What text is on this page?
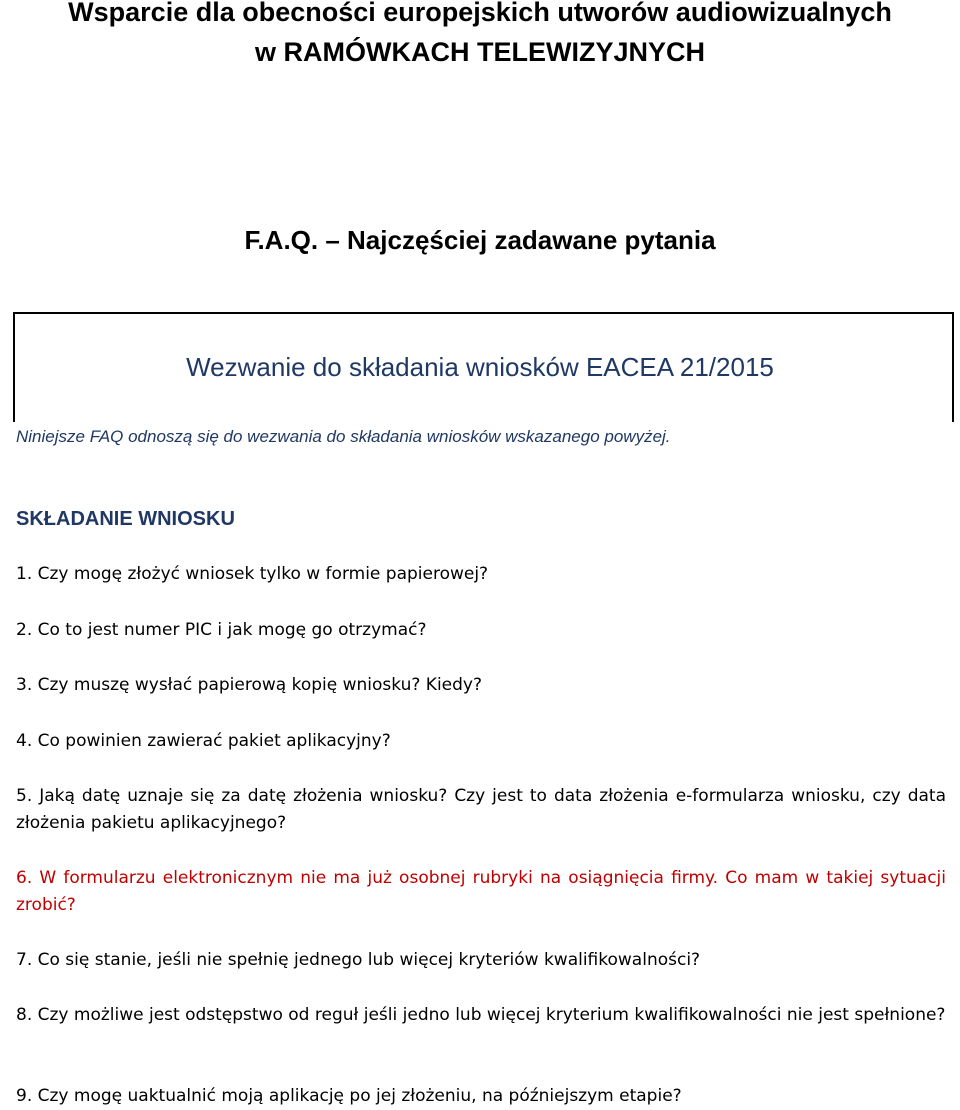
Wsparcie dla obecności europejskich utworów audiowizualnych
w RAMÓWKACH TELEWIZYJNYCH
F.A.Q. – Najczęściej zadawane pytania

Wezwanie do składania wniosków EACEA 21/2015

Niniejsze FAQ odnoszą się do wezwania do składania wniosków wskazanego powyżej.

SKŁADANIE WNIOSKU

1. Czy mogę złożyć wniosek tylko w formie papierowej?

2. Co to jest numer PIC i jak mogę go otrzymać?

3. Czy muszę wysłać papierową kopię wniosku? Kiedy?

4. Co powinien zawierać pakiet aplikacyjny?

5. Jaką datę uznaje się za datę złożenia wniosku? Czy jest to data złożenia e-formularza wniosku, czy data złożenia pakietu aplikacyjnego?

6. W formularzu elektronicznym nie ma już osobnej rubryki na osiągnięcia firmy. Co mam w takiej sytuacji zrobić?

7. Co się stanie, jeśli nie spełnię jednego lub więcej kryteriów kwalifikowalności?

8. Czy możliwe jest odstępstwo od reguł jeśli jedno lub więcej kryterium kwalifikowalności nie jest spełnione?

9. Czy mogę uaktualnić moją aplikację po jej złożeniu, na późniejszym etapie?
